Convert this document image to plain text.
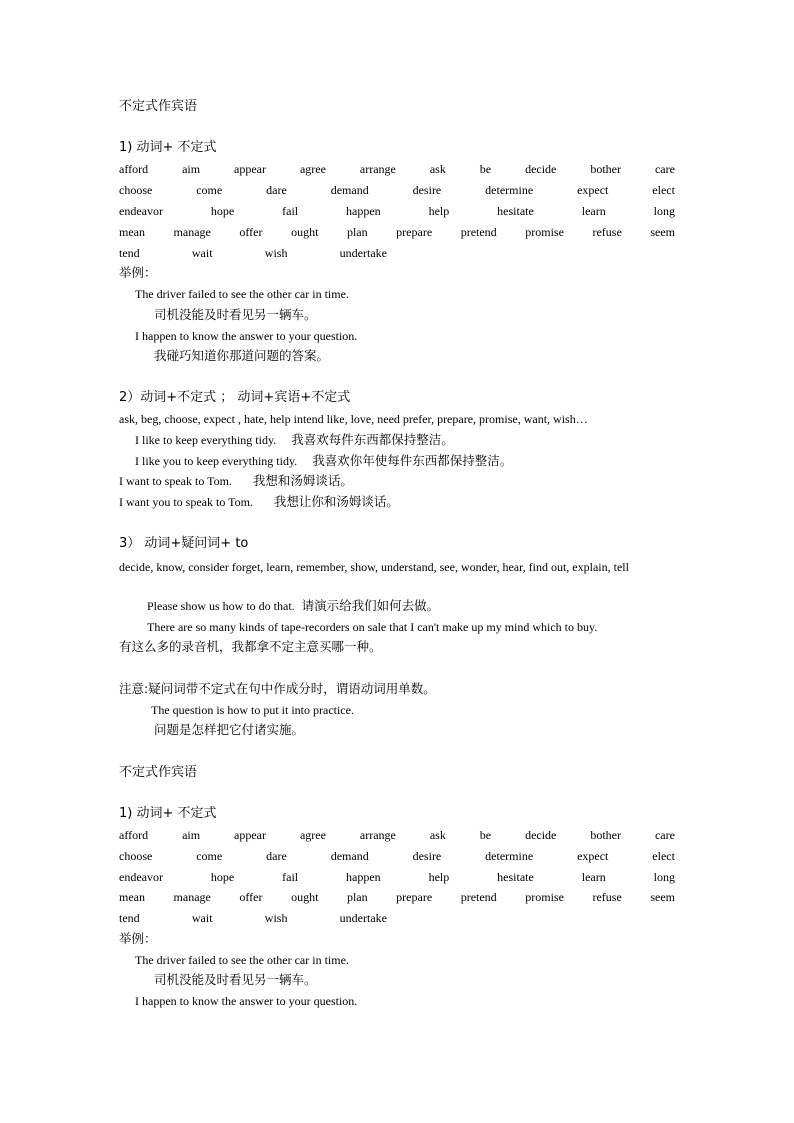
不定式作宾语
1) 动词+ 不定式
afford	aim	appear	agree	arrange	ask	be	decide	bother	care
choose	come	dare	demand	desire	determine	expect	elect
endeavor	hope	fail	happen	help	hesitate	learn	long
mean manage offer ought plan prepare pretend promise refuse seem
tend	wait	wish	undertake
举例：
The driver failed to see the other car in time.
司机没能及时看见另一辆车。
I happen to know the answer to your question.
我碰巧知道你那道问题的答案。
2）动词+不定式 ； 动词+宾语+不定式
ask, beg, choose, expect , hate, help intend like, love, need prefer, prepare, promise, want, wish…
I like to keep everything tidy. 我喜欢每件东西都保持整洁。
I like you to keep everything tidy. 我喜欢你年使每件东西都保持整洁。
I want to speak to Tom. 我想和汤姆谈话。
I want you to speak to Tom. 我想让你和汤姆谈话。
3） 动词+疑问词+ to
decide, know, consider forget, learn, remember, show, understand, see, wonder, hear, find out, explain, tell
Please show us how to do that. 请演示给我们如何去做。
There are so many kinds of tape-recorders on sale that I can't make up my mind which to buy.
有这么多的录音机，我都拿不定主意买哪一种。
注意:疑问词带不定式在句中作成分时，谓语动词用单数。
The question is how to put it into practice.
问题是怎样把它付诸实施。
不定式作宾语
1) 动词+ 不定式
afford	aim	appear	agree	arrange	ask	be	decide	bother	care
choose	come	dare	demand	desire	determine	expect	elect
endeavor	hope	fail	happen	help	hesitate	learn	long
mean manage offer ought plan prepare pretend promise refuse seem
tend	wait	wish	undertake
举例：
The driver failed to see the other car in time.
司机没能及时看见另一辆车。
I happen to know the answer to your question.
